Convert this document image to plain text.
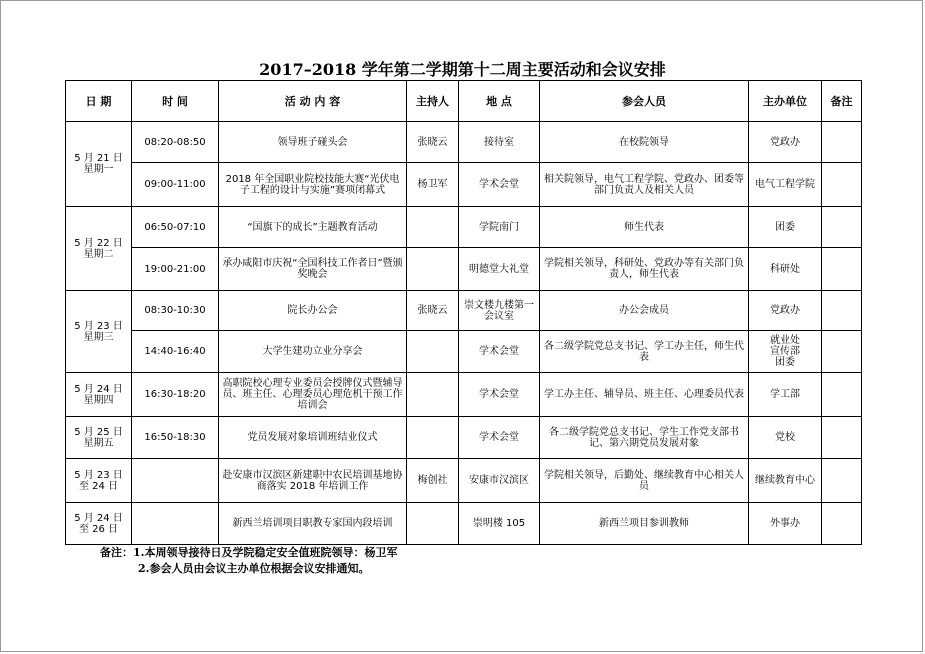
2017–2018 学年第二学期第十二周主要活动和会议安排
日 期	时 间	活 动 内 容	主持人	地 点	参会人员	主办单位	备注
5 月 21 日
星期一	08:20-08:50	领导班子碰头会	张晓云	接待室	在校院领导	党政办	
	09:00-11:00	2018 年全国职业院校技能大赛“光伏电子工程的设计与实施”赛项闭幕式	杨卫军	学术会堂	相关院领导，电气工程学院、党政办、团委等部门负责人及相关人员	电气工程学院	
5 月 22 日
星期二	06:50-07:10	“国旗下的成长”主题教育活动		学院南门	师生代表	团委	
	19:00-21:00	承办咸阳市庆祝“全国科技工作者日”暨颁奖晚会		明德堂大礼堂	学院相关领导，科研处、党政办等有关部门负责人，师生代表	科研处	
5 月 23 日
星期三	08:30-10:30	院长办公会	张晓云	崇文楼九楼第一会议室	办公会成员	党政办	
	14:40-16:40	大学生建功立业分享会		学术会堂	各二级学院党总支书记、学工办主任，师生代表	就业处
宣传部
团委	
5 月 24 日
星期四	16:30-18:20	高职院校心理专业委员会授牌仪式暨辅导员、班主任、心理委员心理危机干预工作培训会		学术会堂	学工办主任、辅导员、班主任、心理委员代表	学工部	
5 月 25 日
星期五	16:50-18:30	党员发展对象培训班结业仪式		学术会堂	各二级学院党总支书记、学生工作党支部书记、第六期党员发展对象	党校	
5 月 23 日
至 24 日		赴安康市汉滨区新建职中农民培训基地协商落实 2018 年培训工作	梅创社	安康市汉滨区	学院相关领导，后勤处、继续教育中心相关人员	继续教育中心	
5 月 24 日
至 26 日		新西兰培训项目职教专家国内段培训		崇明楼 105	新西兰项目参训教师	外事办	
备注：1.本周领导接待日及学院稳定安全值班院领导：杨卫军
2.参会人员由会议主办单位根据会议安排通知。
